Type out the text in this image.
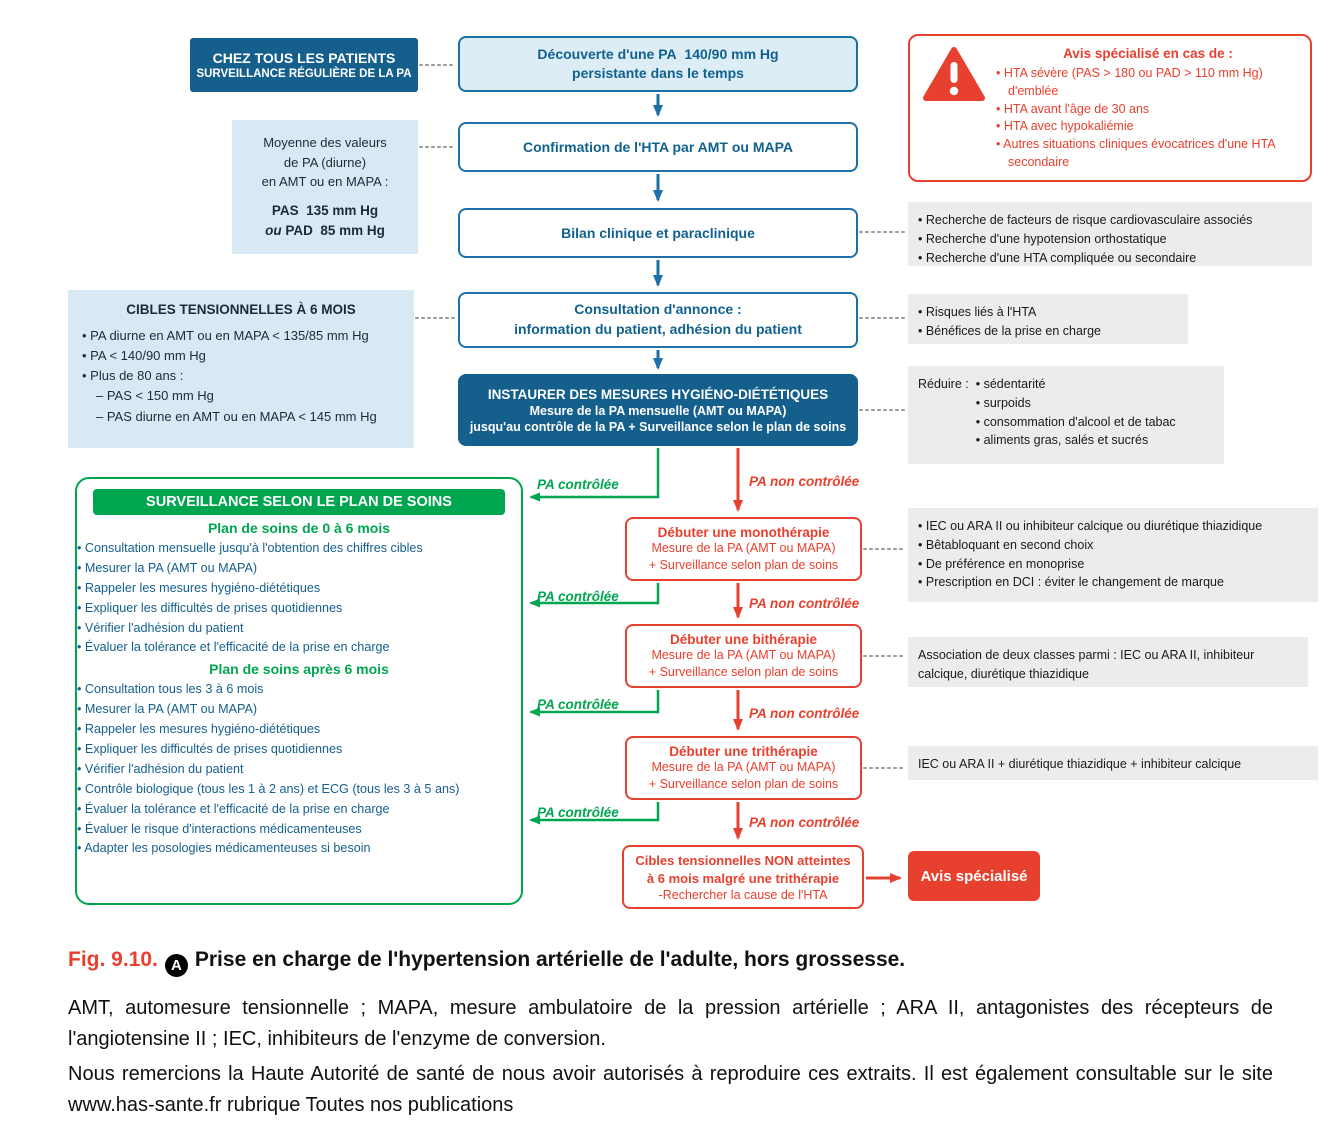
CHEZ TOUS LES PATIENTS
SURVEILLANCE RÉGULIÈRE DE LA PA
Découverte d'une PA  140/90 mm Hg
persistante dans le temps
Avis spécialisé en cas de :
• HTA sévère (PAS > 180 ou PAD > 110 mm Hg) d'emblée
• HTA avant l'âge de 30 ans
• HTA avec hypokaliémie
• Autres situations cliniques évocatrices d'une HTA secondaire
Moyenne des valeurs
de PA (diurne)
en AMT ou en MAPA :
PAS  135 mm Hg
ou PAD  85 mm Hg
Confirmation de l'HTA par AMT ou MAPA
Bilan clinique et paraclinique
• Recherche de facteurs de risque cardiovasculaire associés
• Recherche d'une hypotension orthostatique
• Recherche d'une HTA compliquée ou secondaire
Consultation d'annonce :
information du patient, adhésion du patient
• Risques liés à l'HTA
• Bénéfices de la prise en charge
CIBLES TENSIONNELLES À 6 MOIS
• PA diurne en AMT ou en MAPA < 135/85 mm Hg
• PA < 140/90 mm Hg
• Plus de 80 ans :
– PAS < 150 mm Hg
– PAS diurne en AMT ou en MAPA < 145 mm Hg
INSTAURER DES MESURES HYGIÉNO-DIÉTÉTIQUES
Mesure de la PA mensuelle (AMT ou MAPA)
jusqu'au contrôle de la PA + Surveillance selon le plan de soins
Réduire :	• sédentarité
• surpoids
• consommation d'alcool et de tabac
• aliments gras, salés et sucrés
SURVEILLANCE SELON LE PLAN DE SOINS
Plan de soins de 0 à 6 mois
• Consultation mensuelle jusqu'à l'obtention des chiffres cibles
• Mesurer la PA (AMT ou MAPA)
• Rappeler les mesures hygiéno-diététiques
• Expliquer les difficultés de prises quotidiennes
• Vérifier l'adhésion du patient
• Évaluer la tolérance et l'efficacité de la prise en charge
Plan de soins après 6 mois
• Consultation tous les 3 à 6 mois
• Mesurer la PA (AMT ou MAPA)
• Rappeler les mesures hygiéno-diététiques
• Expliquer les difficultés de prises quotidiennes
• Vérifier l'adhésion du patient
• Contrôle biologique (tous les 1 à 2 ans) et ECG (tous les 3 à 5 ans)
• Évaluer la tolérance et l'efficacité de la prise en charge
• Évaluer le risque d'interactions médicamenteuses
• Adapter les posologies médicamenteuses si besoin
Débuter une monothérapie
Mesure de la PA (AMT ou MAPA)
+ Surveillance selon plan de soins
• IEC ou ARA II ou inhibiteur calcique ou diurétique thiazidique
• Bêtabloquant en second choix
• De préférence en monoprise
• Prescription en DCI : éviter le changement de marque
Débuter une bithérapie
Mesure de la PA (AMT ou MAPA)
+ Surveillance selon plan de soins
Association de deux classes parmi : IEC ou ARA II, inhibiteur calcique, diurétique thiazidique
Débuter une trithérapie
Mesure de la PA (AMT ou MAPA)
+ Surveillance selon plan de soins
IEC ou ARA II + diurétique thiazidique + inhibiteur calcique
Cibles tensionnelles NON atteintes
à 6 mois malgré une trithérapie
-Rechercher la cause de l'HTA
Avis spécialisé
PA contrôlée	PA non contrôlée
PA contrôlée	PA non contrôlée
PA contrôlée
PA non contrôlée
PA contrôlée
PA non contrôlée
Fig. 9.10. A Prise en charge de l'hypertension artérielle de l'adulte, hors grossesse.

AMT, automesure tensionnelle ; MAPA, mesure ambulatoire de la pression artérielle ; ARA II, antagonistes des récepteurs de l'angiotensine II ; IEC, inhibiteurs de l'enzyme de conversion.

Nous remercions la Haute Autorité de santé de nous avoir autorisés à reproduire ces extraits. Il est également consultable sur le site www.has-sante.fr rubrique Toutes nos publications
